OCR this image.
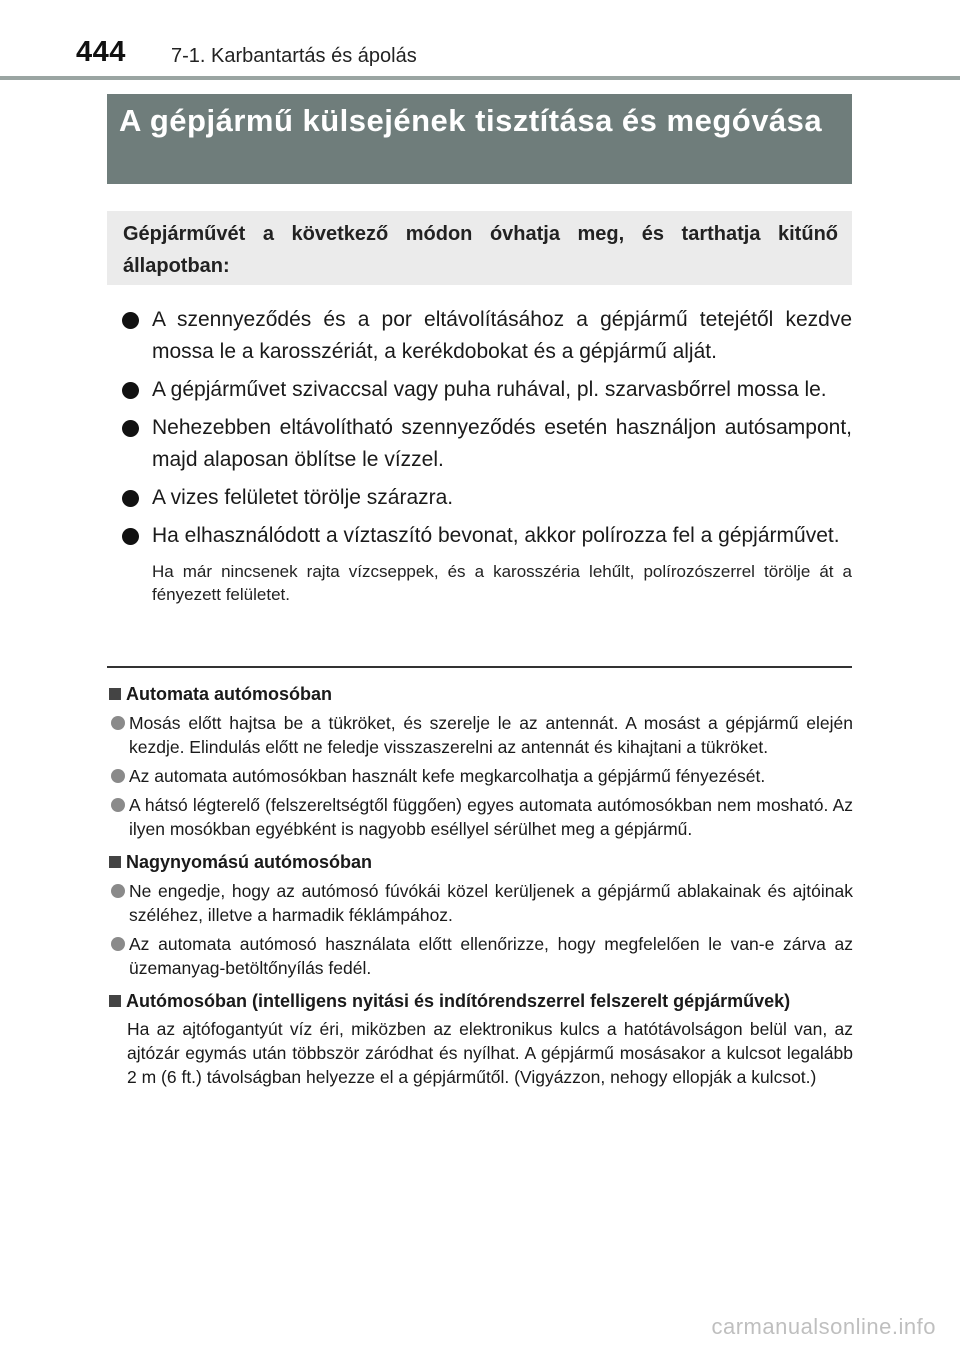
444 7-1. Karbantartás és ápolás
A gépjármű külsejének tisztítása és megóvása
Gépjárművét a következő módon óvhatja meg, és tarthatja kitűnő állapotban:
A szennyeződés és a por eltávolításához a gépjármű tetejétől kezdve mossa le a karosszériát, a kerékdobokat és a gépjármű alját.
A gépjárművet szivaccsal vagy puha ruhával, pl. szarvasbőrrel mossa le.
Nehezebben eltávolítható szennyeződés esetén használjon autósampont, majd alaposan öblítse le vízzel.
A vizes felületet törölje szárazra.
Ha elhasználódott a víztaszító bevonat, akkor polírozza fel a gépjárművet.
Ha már nincsenek rajta vízcseppek, és a karosszéria lehűlt, polírozószerrel törölje át a fényezett felületet.
Automata autómosóban
Mosás előtt hajtsa be a tükröket, és szerelje le az antennát. A mosást a gépjármű elején kezdje. Elindulás előtt ne feledje visszaszerelni az antennát és kihajtani a tükröket.
Az automata autómosókban használt kefe megkarcolhatja a gépjármű fényezését.
A hátsó légterelő (felszereltségtől függően) egyes automata autómosókban nem mosható. Az ilyen mosókban egyébként is nagyobb eséllyel sérülhet meg a gépjármű.
Nagynyomású autómosóban
Ne engedje, hogy az autómosó fúvókái közel kerüljenek a gépjármű ablakainak és ajtóinak széléhez, illetve a harmadik féklámpához.
Az automata autómosó használata előtt ellenőrizze, hogy megfelelően le van-e zárva az üzemanyag-betöltőnyílás fedél.
Autómosóban (intelligens nyitási és indítórendszerrel felszerelt gépjárművek)
Ha az ajtófogantyút víz éri, miközben az elektronikus kulcs a hatótávolságon belül van, az ajtózár egymás után többször záródhat és nyílhat. A gépjármű mosásakor a kulcsot legalább 2 m (6 ft.) távolságban helyezze el a gépjárműtől. (Vigyázzon, nehogy ellopják a kulcsot.)
carmanualsonline.info
